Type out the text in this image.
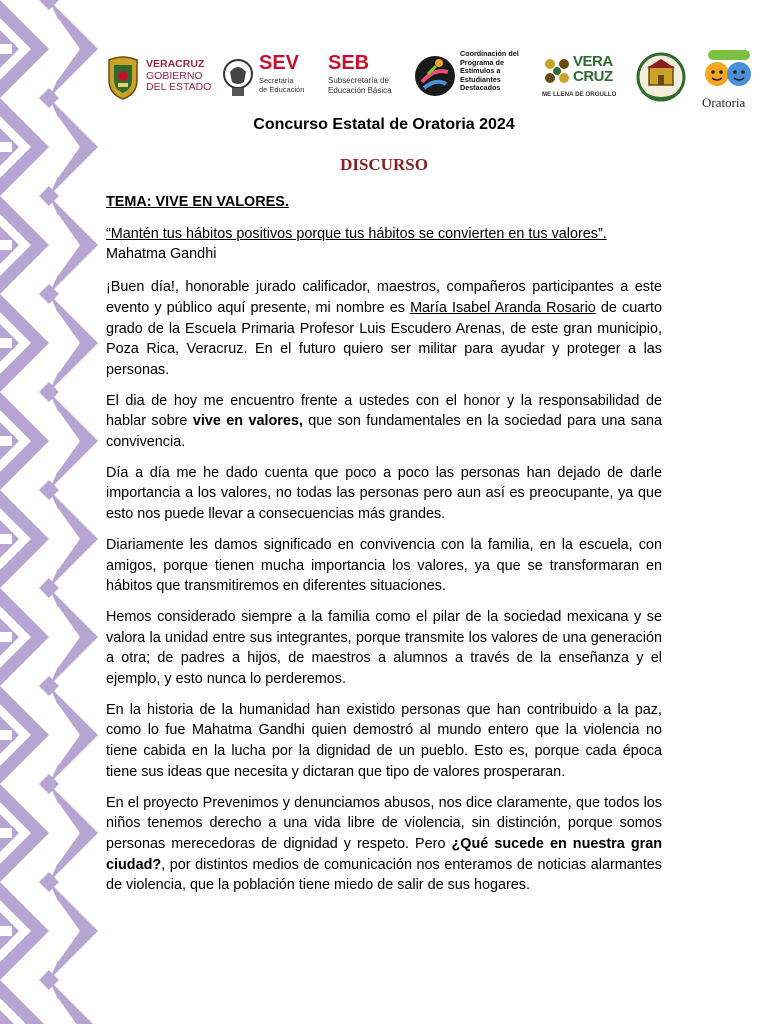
VERACRUZ
GOBIERNO
DEL ESTADO
SEV
Secretaría
de Educación
SEB
Subsecretaría de
Educación Básica
Coordinación del
Programa de
Estímulos a
Estudiantes
Destacados
VERA
CRUZ
ME LLENA DE ORGULLO
Oratoria
Concurso Estatal de Oratoria 2024
DISCURSO

TEMA: VIVE EN VALORES.

“Mantén tus hábitos positivos porque tus hábitos se convierten en tus valores”.
Mahatma Gandhi

¡Buen día!, honorable jurado calificador, maestros, compañeros participantes a este evento y público aquí presente, mi nombre es María Isabel Aranda Rosario de cuarto grado de la Escuela Primaria Profesor Luis Escudero Arenas, de este gran municipio, Poza Rica, Veracruz. En el futuro quiero ser militar para ayudar y proteger a las personas.

El dia de hoy me encuentro frente a ustedes con el honor y la responsabilidad de hablar sobre vive en valores, que son fundamentales en la sociedad para una sana convivencia.

Día a día me he dado cuenta que poco a poco las personas han dejado de darle importancia a los valores, no todas las personas pero aun así es preocupante, ya que esto nos puede llevar a consecuencias más grandes.

Diariamente les damos significado en convivencia con la familia, en la escuela, con amigos, porque tienen mucha importancia los valores, ya que se transformaran en hábitos que transmitiremos en diferentes situaciones.

Hemos considerado siempre a la familia como el pilar de la sociedad mexicana y se valora la unidad entre sus integrantes, porque transmite los valores de una generación a otra; de padres a hijos, de maestros a alumnos a través de la enseñanza y el ejemplo, y esto nunca lo perderemos.

En la historia de la humanidad han existido personas que han contribuido a la paz, como lo fue Mahatma Gandhi quien demostró al mundo entero que la violencia no tiene cabida en la lucha por la dignidad de un pueblo. Esto es, porque cada época tiene sus ideas que necesita y dictaran que tipo de valores prosperaran.

En el proyecto Prevenimos y denunciamos abusos, nos dice claramente, que todos los niños tenemos derecho a una vida libre de violencia, sin distinción, porque somos personas merecedoras de dignidad y respeto. Pero ¿Qué sucede en nuestra gran ciudad?, por distintos medios de comunicación nos enteramos de noticias alarmantes de violencia, que la población tiene miedo de salir de sus hogares.
